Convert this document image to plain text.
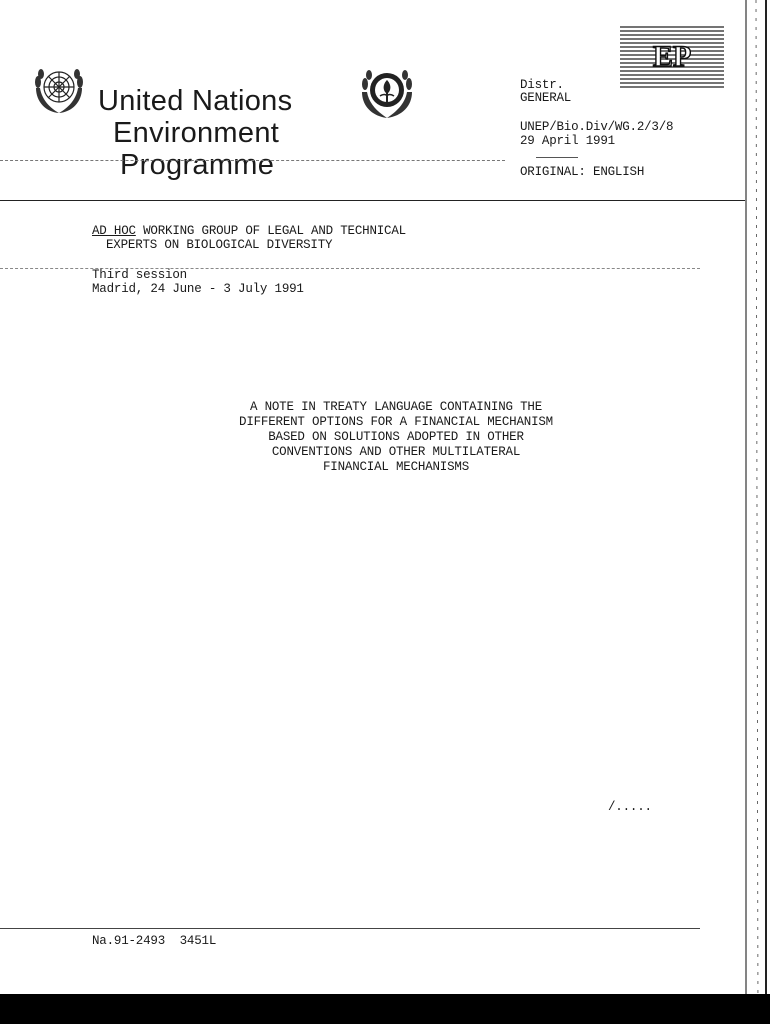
United Nations
Environment
Programme
EP
Distr.
GENERAL
UNEP/Bio.Div/WG.2/3/8
29 April 1991
ORIGINAL: ENGLISH
AD HOC WORKING GROUP OF LEGAL AND TECHNICAL
EXPERTS ON BIOLOGICAL DIVERSITY
Third session
Madrid, 24 June - 3 July 1991
A NOTE IN TREATY LANGUAGE CONTAINING THE
DIFFERENT OPTIONS FOR A FINANCIAL MECHANISM
BASED ON SOLUTIONS ADOPTED IN OTHER
CONVENTIONS AND OTHER MULTILATERAL
FINANCIAL MECHANISMS
/.....
Na.91-2493 3451L
